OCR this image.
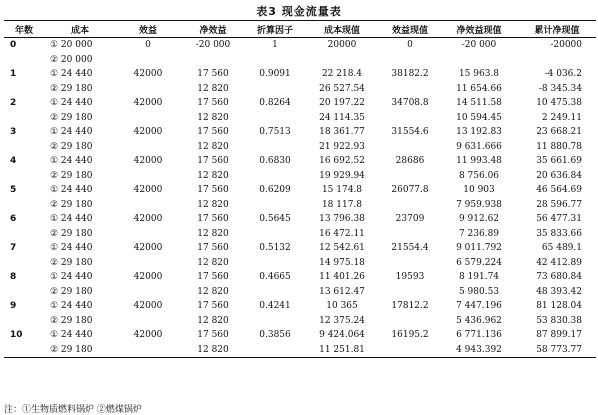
表3 现金流量表
年数	成本	效益	净效益	折算因子	成本现值	效益现值	净效益现值	累计净现值
0	① 20 000	0	-20 000	1	20000	0	-20 000	-20000
	② 20 000							
1	① 24 440	42000	17 560	0.9091	22 218.4	38182.2	15 963.8	-4 036.2
	② 29 180		12 820		26 527.54		11 654.66	-8 345.34
2	① 24 440	42000	17 560	0.8264	20 197.22	34708.8	14 511.58	10 475.38
	② 29 180		12 820		24 114.35		10 594.45	2 249.11
3	① 24 440	42000	17 560	0.7513	18 361.77	31554.6	13 192.83	23 668.21
	② 29 180		12 820		21 922.93		9 631.666	11 880.78
4	① 24 440	42000	17 560	0.6830	16 692.52	28686	11 993.48	35 661.69
	② 29 180		12 820		19 929.94		8 756.06	20 636.84
5	① 24 440	42000	17 560	0.6209	15 174.8	26077.8	10 903	46 564.69
	② 29 180		12 820		18 117.8		7 959.938	28 596.77
6	① 24 440	42000	17 560	0.5645	13 796.38	23709	9 912.62	56 477.31
	② 29 180		12 820		16 472.11		7 236.89	35 833.66
7	① 24 440	42000	17 560	0.5132	12 542.61	21554.4	9 011.792	65 489.1
	② 29 180		12 820		14 975.18		6 579.224	42 412.89
8	① 24 440	42000	17 560	0.4665	11 401.26	19593	8 191.74	73 680.84
	② 29 180		12 820		13 612.47		5 980.53	48 393.42
9	① 24 440	42000	17 560	0.4241	10 365	17812.2	7 447.196	81 128.04
	② 29 180		12 820		12 375.24		5 436.962	53 830.38
10	① 24 440	42000	17 560	0.3856	9 424.064	16195.2	6 771.136	87 899.17
	② 29 180		12 820		11 251.81		4 943.392	58 773.77
注：①生物质燃料锅炉 ②燃煤锅炉
